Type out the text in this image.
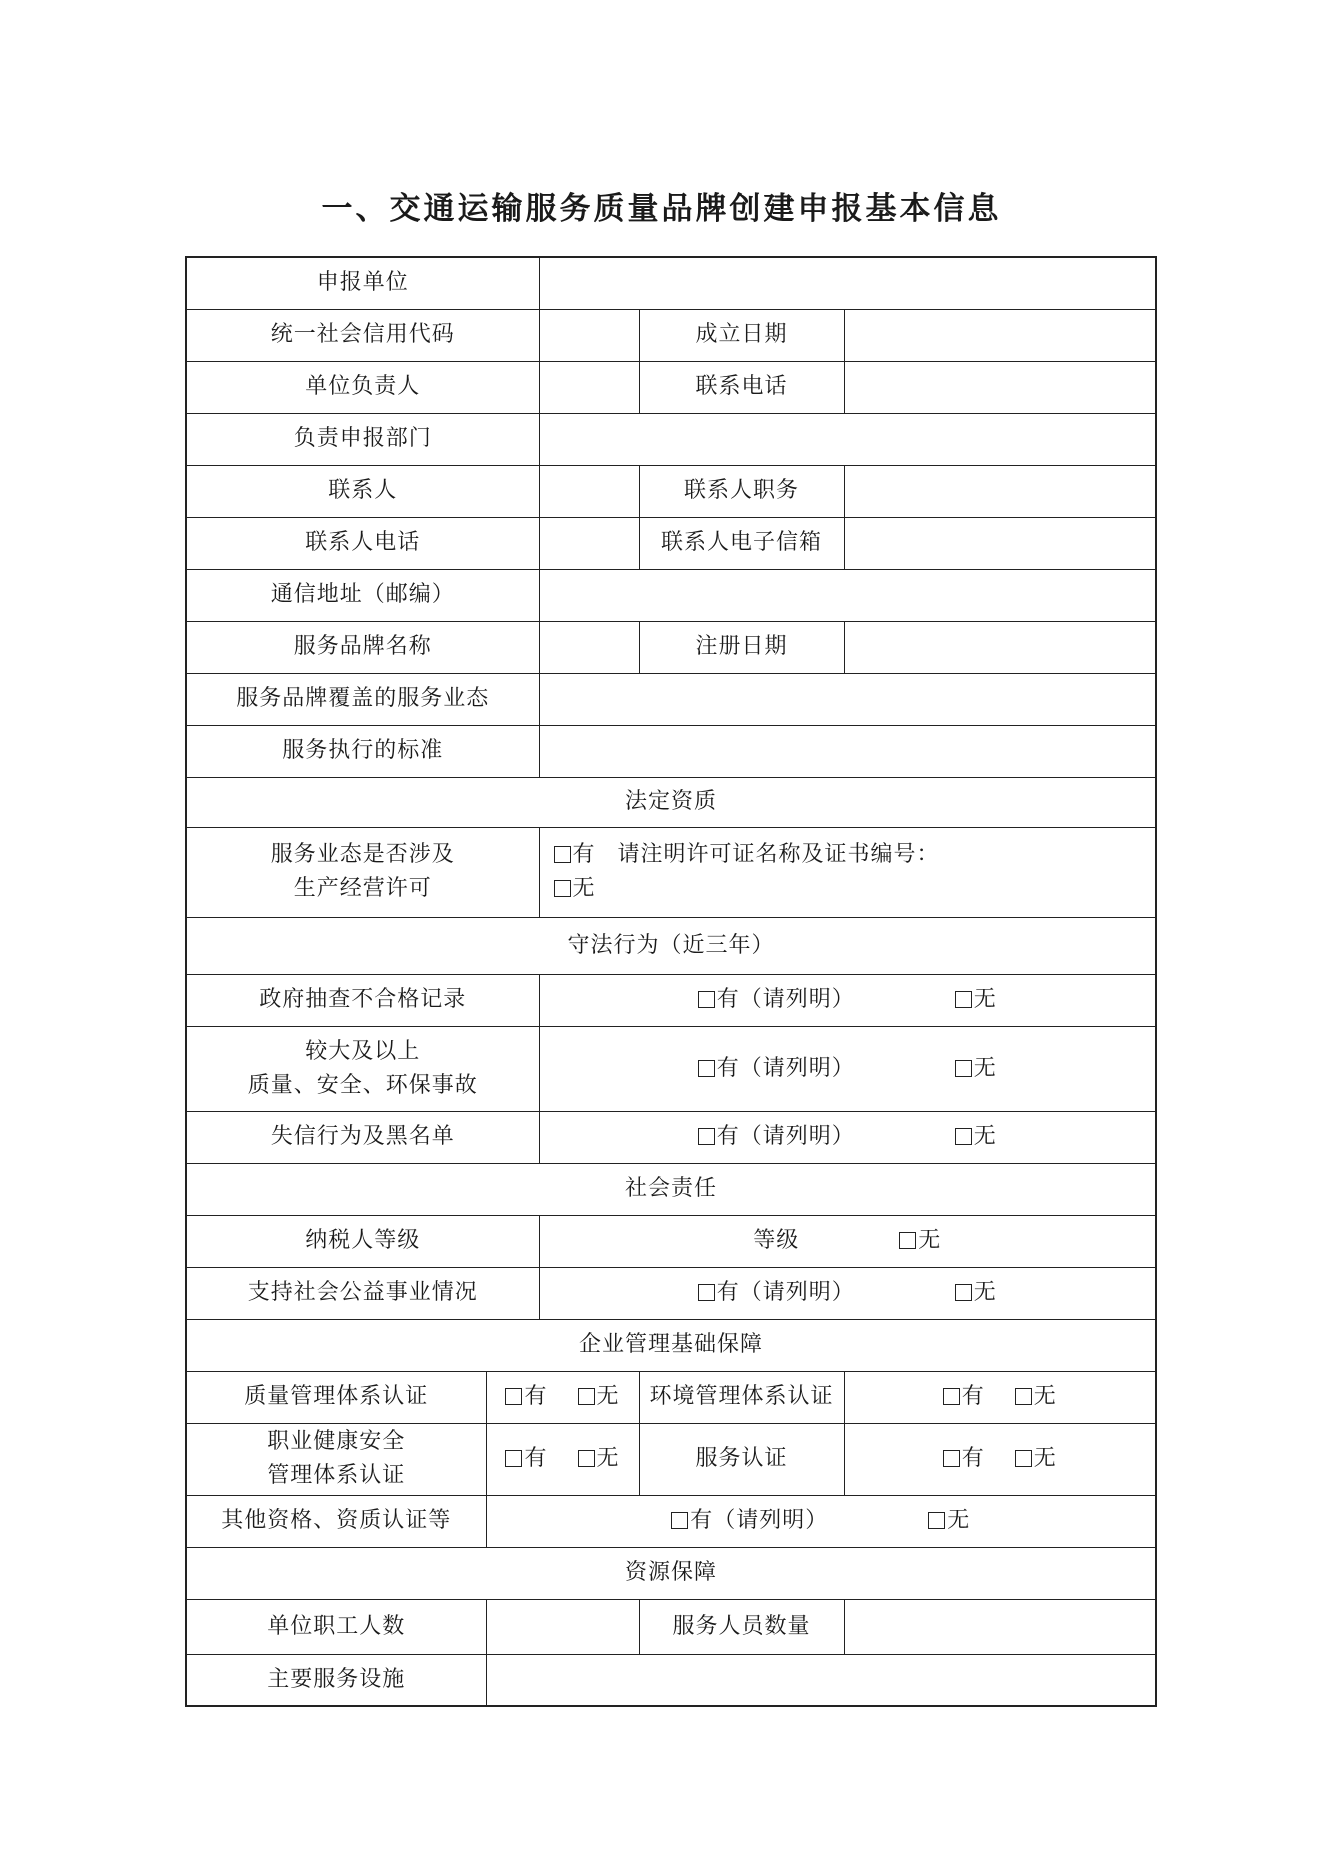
一、交通运输服务质量品牌创建申报基本信息
申报单位				
统一社会信用代码			成立日期	
单位负责人			联系电话	
负责申报部门				
联系人			联系人职务	
联系人电话			联系人电子信箱	
通信地址（邮编）				
服务品牌名称			注册日期	
服务品牌覆盖的服务业态				
服务执行的标准				
法定资质				

服务业态是否涉及
生产经营许可		有 请注明许可证名称及证书编号：
无		

守法行为（近三年）				
政府抽查不合格记录		有（请列明） 无		

较大及以上
质量、安全、环保事故		有（请列明） 无		
失信行为及黑名单		有（请列明） 无		
社会责任				
纳税人等级		等级 无		
支持社会公益事业情况		有（请列明） 无		
企业管理基础保障				
质量管理体系认证	有 无		环境管理体系认证	有 无

职业健康安全
管理体系认证	有 无		服务认证	有 无
其他资格、资质认证等	有（请列明） 无			
资源保障				
单位职工人数			服务人员数量	
主要服务设施				
